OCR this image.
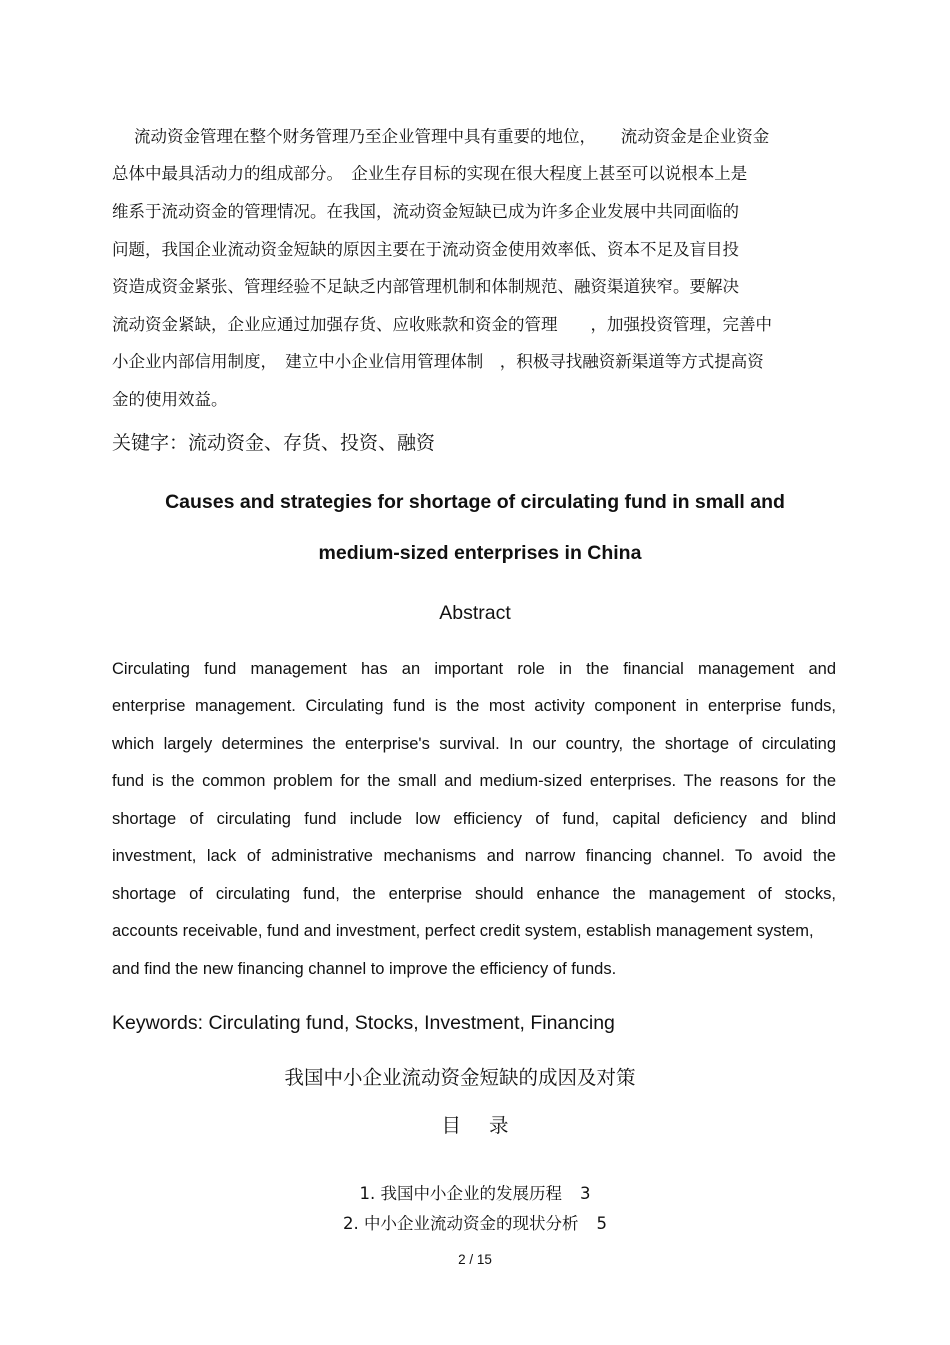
流动资金管理在整个财务管理乃至企业管理中具有重要的地位，　　流动资金是企业资金
总体中最具活动力的组成部分。　企业生存目标的实现在很大程度上甚至可以说根本上是
维系于流动资金的管理情况。在我国，流动资金短缺已成为许多企业发展中共同面临的
问题，我国企业流动资金短缺的原因主要在于流动资金使用效率低、资本不足及盲目投
资造成资金紧张、管理经验不足缺乏内部管理机制和体制规范、融资渠道狭窄。要解决
流动资金紧缺，企业应通过加强存货、应收账款和资金的管理　　，加强投资管理，完善中
小企业内部信用制度，　建立中小企业信用管理体制　，积极寻找融资新渠道等方式提高资
金的使用效益。
关键字：流动资金、存货、投资、融资
Causes and strategies for shortage of circulating fund in small and
medium-sized enterprises in China
Abstract
Circulating fund management has an important role in the financial management and
enterprise management. Circulating fund is the most activity component in enterprise funds,
which largely determines the enterprise's survival. In our country, the shortage of circulating
fund is the common problem for the small and medium-sized enterprises. The reasons for the
shortage of circulating fund include low efficiency of fund, capital deficiency and blind
investment, lack of administrative mechanisms and narrow financing channel. To avoid the
shortage of circulating fund, the enterprise should enhance the management of stocks,
accounts receivable, fund and investment, perfect credit system, establish management system,
and find the new financing channel to improve the efficiency of funds.
Keywords: Circulating fund, Stocks, Investment, Financing
我国中小企业流动资金短缺的成因及对策
目录
1. 我国中小企业的发展历程 3
2. 中小企业流动资金的现状分析 5
2 / 15
